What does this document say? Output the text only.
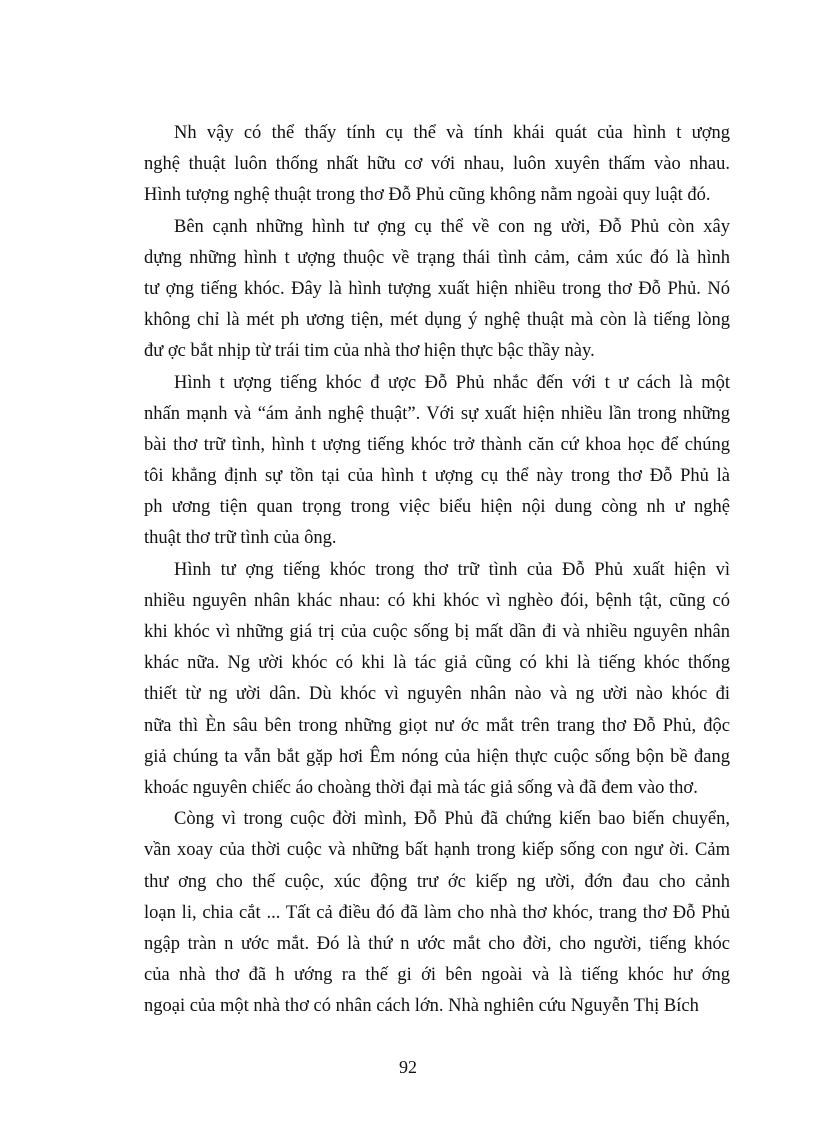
Nh vậy có thể thấy tính cụ thể và tính khái quát của hình t ượng
nghệ thuật luôn thống nhất hữu cơ với nhau, luôn xuyên thấm vào nhau.
Hình tượng nghệ thuật trong thơ Đỗ Phủ cũng không nằm ngoài quy luật đó.
Bên cạnh những hình tư ợng cụ thể về con ng ười, Đỗ Phủ còn xây
dựng những hình t ượng thuộc về trạng thái tình cảm, cảm xúc đó là hình
tư ợng tiếng khóc. Đây là hình tượng xuất hiện nhiều trong thơ Đỗ Phủ. Nó
không chỉ là mét ph ương tiện, mét dụng ý nghệ thuật mà còn là tiếng lòng
đư ợc bắt nhịp từ trái tim của nhà thơ hiện thực bậc thầy này.
Hình t ượng tiếng khóc đ ược Đỗ Phủ nhắc đến với t ư cách là một
nhấn mạnh và “ám ảnh nghệ thuật”. Với sự xuất hiện nhiều lần trong những
bài thơ trữ tình, hình t ượng tiếng khóc trở thành căn cứ khoa học để chúng
tôi khẳng định sự tồn tại của hình t ượng cụ thể này trong thơ Đỗ Phủ là
ph ương tiện quan trọng trong việc biểu hiện nội dung còng nh ư nghệ
thuật thơ trữ tình của ông.
Hình tư ợng tiếng khóc trong thơ trữ tình của Đỗ Phủ xuất hiện vì
nhiều nguyên nhân khác nhau: có khi khóc vì nghèo đói, bệnh tật, cũng có
khi khóc vì những giá trị của cuộc sống bị mất dần đi và nhiều nguyên nhân
khác nữa. Ng ười khóc có khi là tác giả cũng có khi là tiếng khóc thống
thiết từ ng ười dân. Dù khóc vì nguyên nhân nào và ng ười nào khóc đi
nữa thì Èn sâu bên trong những giọt nư ớc mắt trên trang thơ Đỗ Phủ, độc
giả chúng ta vẫn bắt gặp hơi Êm nóng của hiện thực cuộc sống bộn bề đang
khoác nguyên chiếc áo choàng thời đại mà tác giả sống và đã đem vào thơ.
Còng vì trong cuộc đời mình, Đỗ Phủ đã chứng kiến bao biến chuyển,
vần xoay của thời cuộc và những bất hạnh trong kiếp sống con ngư ời. Cảm
thư ơng cho thế cuộc, xúc động trư ớc kiếp ng ười, đớn đau cho cảnh
loạn li, chia cắt ... Tất cả điều đó đã làm cho nhà thơ khóc, trang thơ Đỗ Phủ
ngập tràn n ước mắt. Đó là thứ n ước mắt cho đời, cho người, tiếng khóc
của nhà thơ đã h ướng ra thế gi ới bên ngoài và là tiếng khóc hư ớng
ngoại của một nhà thơ có nhân cách lớn. Nhà nghiên cứu Nguyễn Thị Bích
92
